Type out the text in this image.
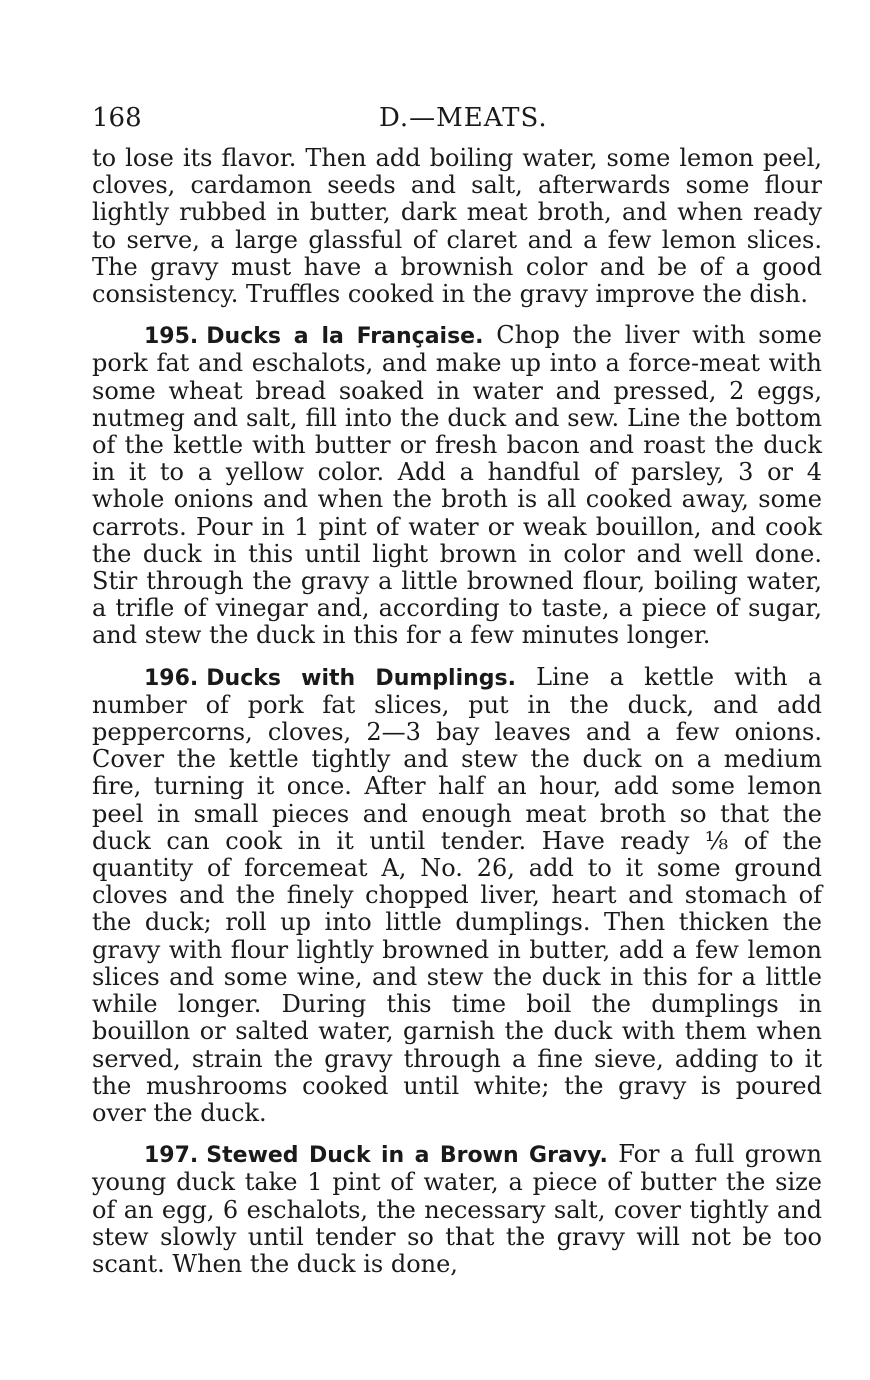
168	D.—MEATS.

to lose its flavor. Then add boiling water, some lemon peel, cloves, cardamon seeds and salt, afterwards some flour lightly rubbed in butter, dark meat broth, and when ready to serve, a large glassful of claret and a few lemon slices. The gravy must have a brownish color and be of a good consistency. Truffles cooked in the gravy improve the dish.

195. Ducks a la Française. Chop the liver with some pork fat and eschalots, and make up into a force-meat with some wheat bread soaked in water and pressed, 2 eggs, nutmeg and salt, fill into the duck and sew. Line the bottom of the kettle with butter or fresh bacon and roast the duck in it to a yellow color. Add a handful of parsley, 3 or 4 whole onions and when the broth is all cooked away, some carrots. Pour in 1 pint of water or weak bouillon, and cook the duck in this until light brown in color and well done. Stir through the gravy a little browned flour, boiling water, a trifle of vinegar and, according to taste, a piece of sugar, and stew the duck in this for a few minutes longer.

196. Ducks with Dumplings. Line a kettle with a number of pork fat slices, put in the duck, and add peppercorns, cloves, 2—3 bay leaves and a few onions. Cover the kettle tightly and stew the duck on a medium fire, turning it once. After half an hour, add some lemon peel in small pieces and enough meat broth so that the duck can cook in it until tender. Have ready ⅛ of the quantity of forcemeat A, No. 26, add to it some ground cloves and the finely chopped liver, heart and stomach of the duck; roll up into little dumplings. Then thicken the gravy with flour lightly browned in butter, add a few lemon slices and some wine, and stew the duck in this for a little while longer. During this time boil the dumplings in bouillon or salted water, garnish the duck with them when served, strain the gravy through a fine sieve, adding to it the mushrooms cooked until white; the gravy is poured over the duck.

197. Stewed Duck in a Brown Gravy. For a full grown young duck take 1 pint of water, a piece of butter the size of an egg, 6 eschalots, the necessary salt, cover tightly and stew slowly until tender so that the gravy will not be too scant. When the duck is done,
